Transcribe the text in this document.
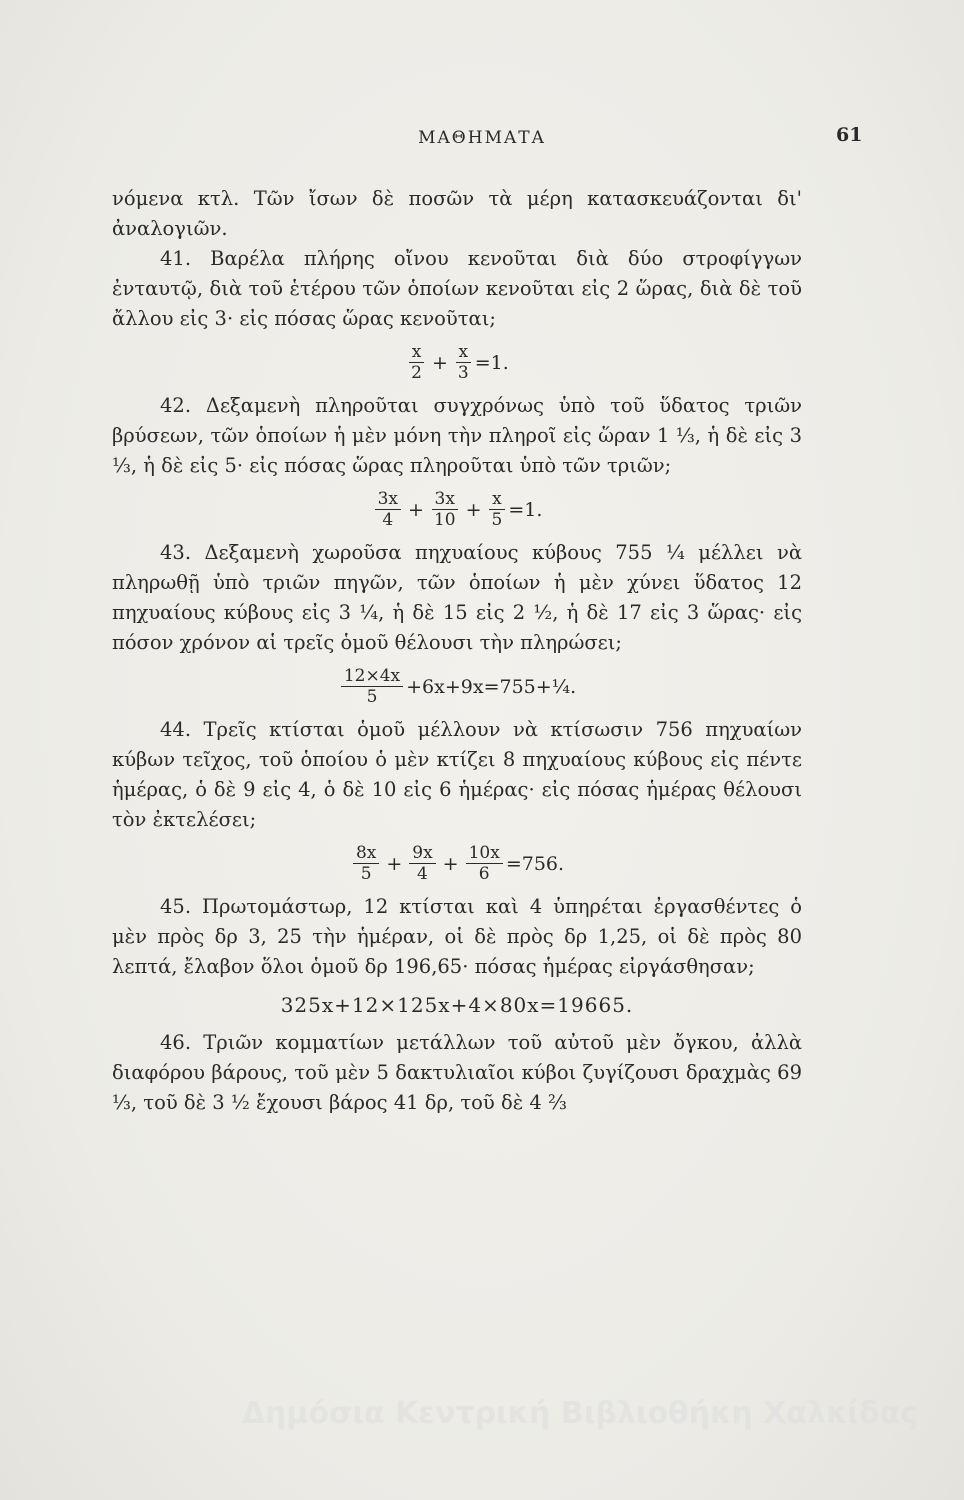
ΜΑΘΗΜΑΤΑ	61

νόμενα κτλ. Τῶν ἴσων δὲ ποσῶν τὰ μέρη κατασκευάζονται δι' ἀναλογιῶν.

41. Βαρέλα πλήρης οἴνου κενοῦται διὰ δύο στροφίγγων ἐνταυτῷ, διὰ τοῦ ἑτέρου τῶν ὁποίων κενοῦται εἰς 2 ὥρας, διὰ δὲ τοῦ ἄλλου εἰς 3· εἰς πόσας ὥρας κενοῦται;

$\frac{x}{2} + \frac{x}{3} =1$.

42. Δεξαμενὴ πληροῦται συγχρόνως ὑπὸ τοῦ ὕδατος τριῶν βρύσεων, τῶν ὁποίων ἡ μὲν μόνη τὴν πληροῖ εἰς ὥραν 1 ⅓, ἡ δὲ εἰς 3 ⅓, ἡ δὲ εἰς 5· εἰς πόσας ὥρας πληροῦται ὑπὸ τῶν τριῶν;

$\frac{3x}{4} + \frac{3x}{10} + \frac{x}{5} =1$.

43. Δεξαμενὴ χωροῦσα πηχυαίους κύβους 755 ¼ μέλλει νὰ πληρωθῇ ὑπὸ τριῶν πηγῶν, τῶν ὁποίων ἡ μὲν χύνει ὕδατος 12 πηχυαίους κύβους εἰς 3 ¼, ἡ δὲ 15 εἰς 2 ½, ἡ δὲ 17 εἰς 3 ὥρας· εἰς πόσον χρόνον αἱ τρεῖς ὁμοῦ θέλουσι τὴν πληρώσει;

$\frac{12\times 4x}{5}$ +6x+9x=755+¼.

44. Τρεῖς κτίσται ὁμοῦ μέλλουν νὰ κτίσωσιν 756 πηχυαίων κύβων τεῖχος, τοῦ ὁποίου ὁ μὲν κτίζει 8 πηχυαίους κύβους εἰς πέντε ἡμέρας, ὁ δὲ 9 εἰς 4, ὁ δὲ 10 εἰς 6 ἡμέρας· εἰς πόσας ἡμέρας θέλουσι τὸν ἐκτελέσει;

$\frac{8x}{5} + \frac{9x}{4} + \frac{10x}{6} =756$.

45. Πρωτομάστωρ, 12 κτίσται καὶ 4 ὑπηρέται ἐργασθέντες ὁ μὲν πρὸς δρ 3, 25 τὴν ἡμέραν, οἱ δὲ πρὸς δρ 1,25, οἱ δὲ πρὸς 80 λεπτά, ἔλαβον ὅλοι ὁμοῦ δρ 196,65· πόσας ἡμέρας εἰργάσθησαν;

325x+12×125x+4×80x=19665.

46. Τριῶν κομματίων μετάλλων τοῦ αὐτοῦ μὲν ὄγκου, ἀλλὰ διαφόρου βάρους, τοῦ μὲν 5 δακτυλιαῖοι κύβοι ζυγίζουσι δραχμὰς 69 ⅓, τοῦ δὲ 3 ½ ἔχουσι βάρος 41 δρ, τοῦ δὲ 4 ⅔

Δημόσια Κεντρική Βιβλιοθήκη Χαλκίδας
